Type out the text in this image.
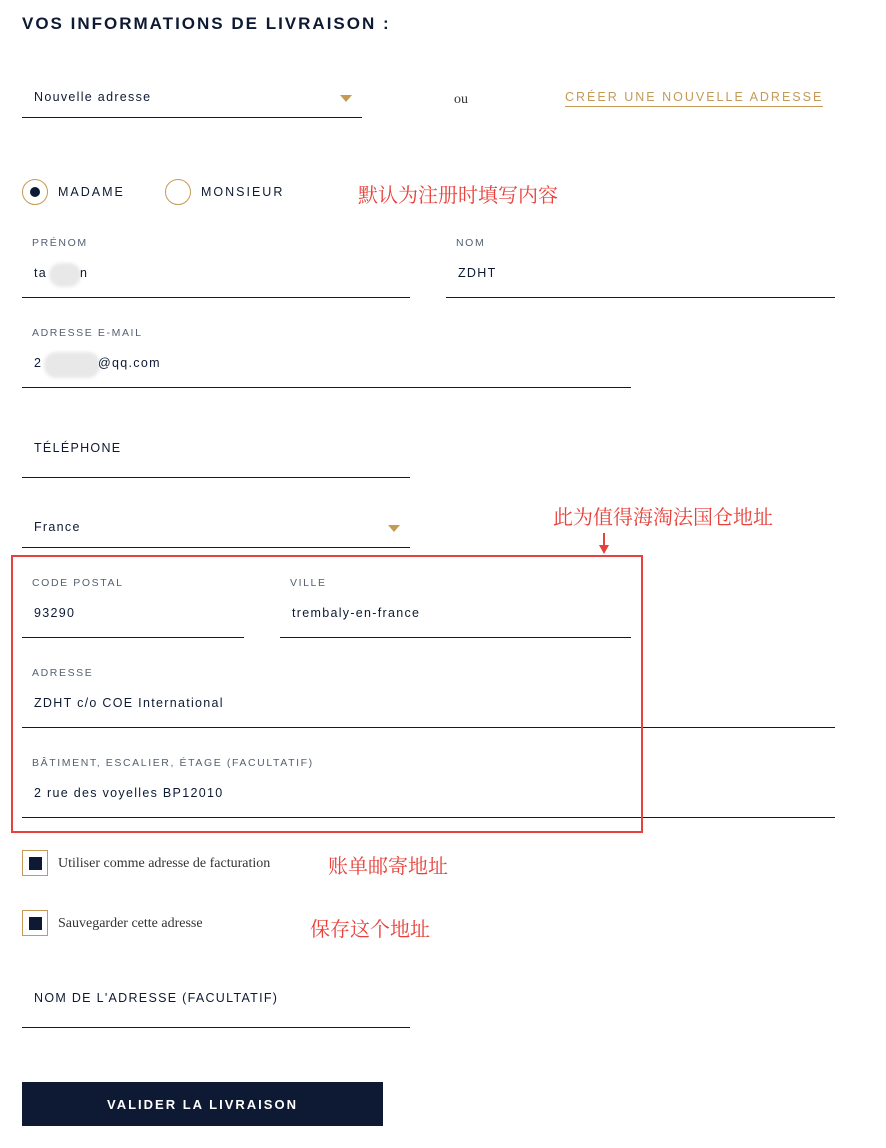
VOS INFORMATIONS DE LIVRAISON :
Nouvelle adresse	ou	CRÉER UNE NOUVELLE ADRESSE
MADAME	MONSIEUR	默认为注册时填写内容
PRÉNOM
ta	n
NOM
ZDHT
ADRESSE E-MAIL
2	@qq.com
TÉLÉPHONE
France	此为值得海淘法国仓地址
CODE POSTAL
93290
VILLE
trembaly-en-france
ADRESSE
ZDHT c/o COE International
BÂTIMENT, ESCALIER, ÉTAGE (FACULTATIF)
2 rue des voyelles BP12010
Utiliser comme adresse de facturation	账单邮寄地址
Sauvegarder cette adresse	保存这个地址
NOM DE L'ADRESSE (FACULTATIF)
VALIDER LA LIVRAISON
